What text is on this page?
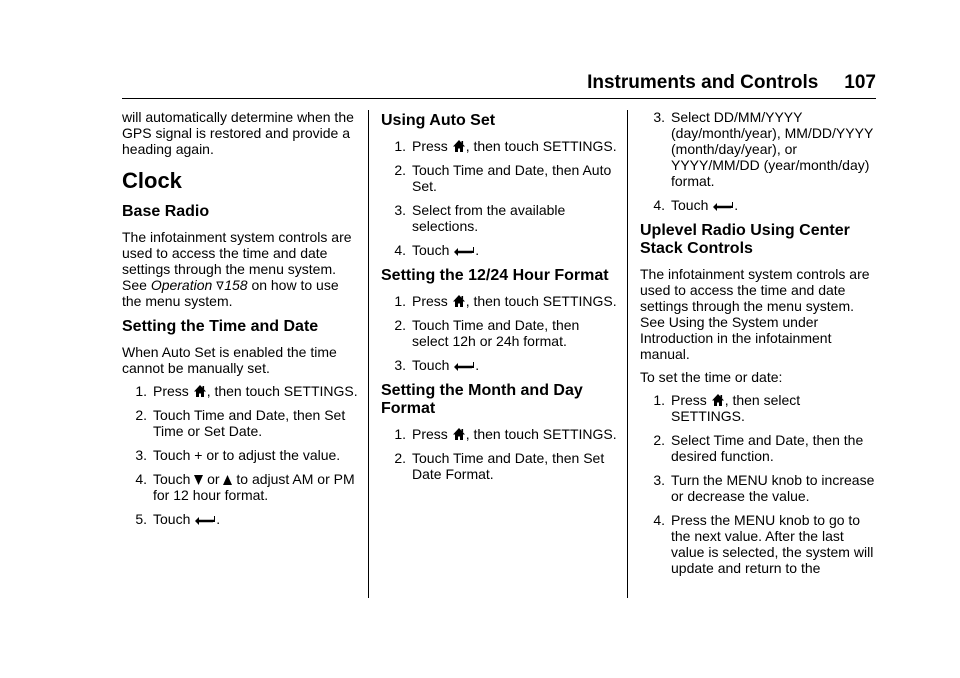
Instruments and Controls 107

will automatically determine when the GPS signal is restored and provide a heading again.

Clock
Base Radio

The infotainment system controls are used to access the time and date settings through the menu system. See Operation 158 on how to use the menu system.

Setting the Time and Date

When Auto Set is enabled the time cannot be manually set.

1. Press , then touch SETTINGS.
2. Touch Time and Date, then Set Time or Set Date.
3. Touch + or to adjust the value.
4. Touch or to adjust AM or PM for 12 hour format.
5. Touch .
Using Auto Set
1. Press , then touch SETTINGS.
2. Touch Time and Date, then Auto Set.
3. Select from the available selections.
4. Touch .
Setting the 12/24 Hour Format
1. Press , then touch SETTINGS.
2. Touch Time and Date, then select 12h or 24h format.
3. Touch .
Setting the Month and Day Format
1. Press , then touch SETTINGS.
2. Touch Time and Date, then Set Date Format.
3. Select DD/MM/YYYY (day/month/year), MM/DD/YYYY (month/day/year), or YYYY/MM/DD (year/month/day) format.
4. Touch .
Uplevel Radio Using Center Stack Controls

The infotainment system controls are used to access the time and date settings through the menu system. See Using the System under Introduction in the infotainment manual.

To set the time or date:

1. Press , then select SETTINGS.
2. Select Time and Date, then the desired function.
3. Turn the MENU knob to increase or decrease the value.
4. Press the MENU knob to go to the next value. After the last value is selected, the system will update and return to the
